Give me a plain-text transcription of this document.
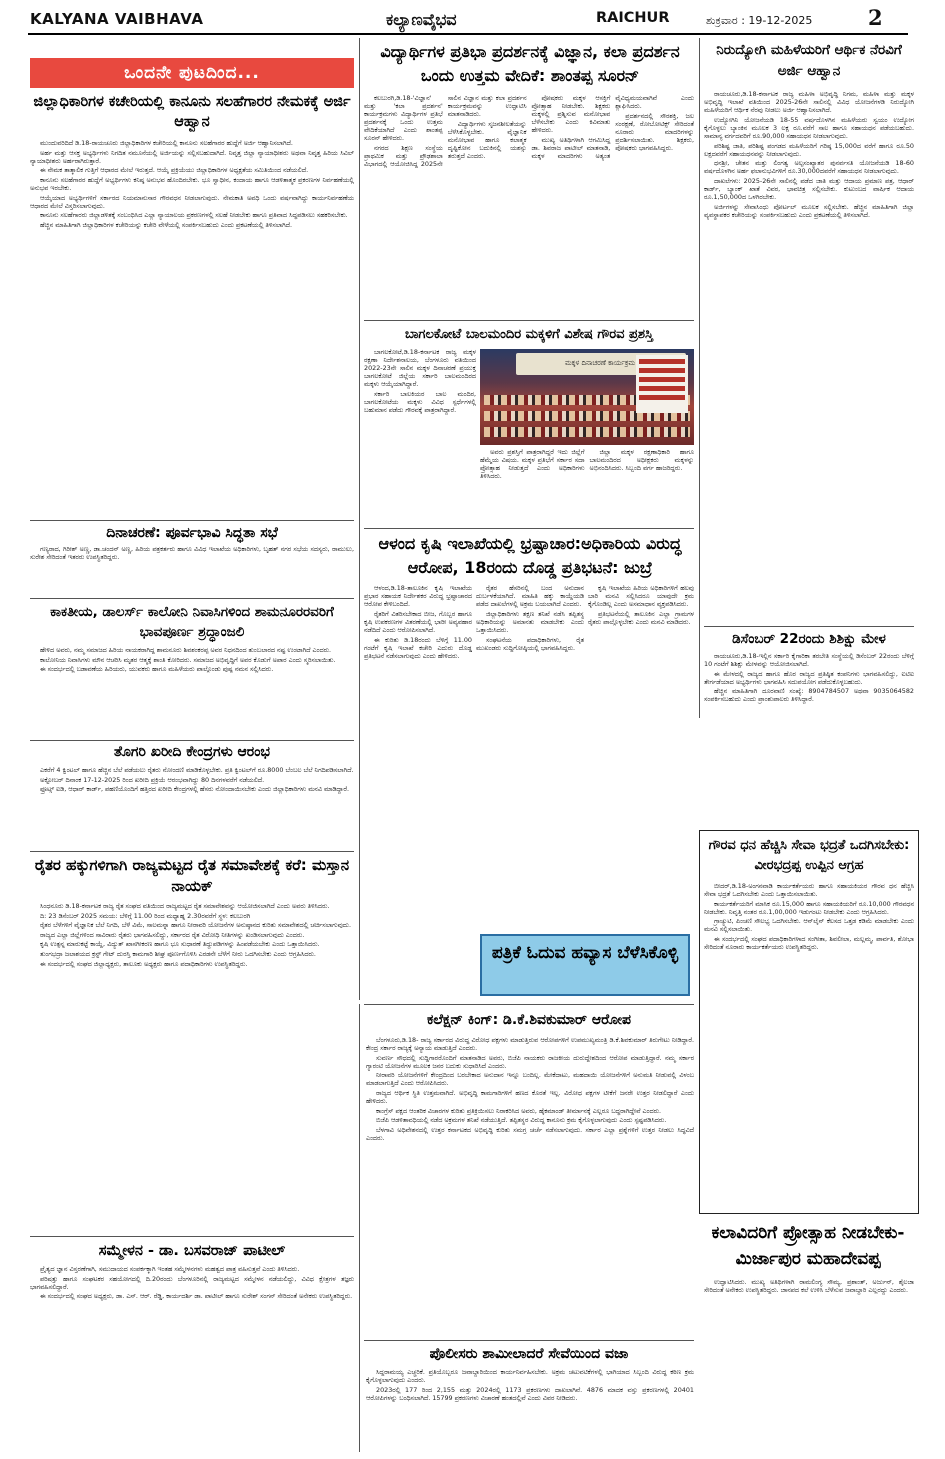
KALYANA VAIBHAVA	ಕಲ್ಯಾಣವೈಭವ	RAICHUR	ಶುಕ್ರವಾರ : 19-12-2025	2
ಒಂದನೇ ಪುಟದಿಂದ...
ಜಿಲ್ಲಾಧಿಕಾರಿಗಳ ಕಚೇರಿಯಲ್ಲಿ ಕಾನೂನು ಸಲಹೆಗಾರರ ನೇಮಕಕ್ಕೆ ಅರ್ಜಿ ಆಹ್ವಾನ

ಮುಂದುವರಿದಿದೆ ಡಿ.18-ರಾಯಚೂರು ಜಿಲ್ಲಾಧಿಕಾರಿಗಳ ಕಚೇರಿಯಲ್ಲಿ ಕಾನೂನು ಸಲಹೆಗಾರರ ಹುದ್ದೆಗೆ ಅರ್ಜಿ ಆಹ್ವಾನಿಸಲಾಗಿದೆ.

ಅರ್ಹ ಮತ್ತು ಆಸಕ್ತ ಅಭ್ಯರ್ಥಿಗಳು ನಿಗದಿತ ನಮೂನೆಯಲ್ಲಿ ಅರ್ಜಿಯನ್ನು ಸಲ್ಲಿಸಬಹುದಾಗಿದೆ. ನಿವೃತ್ತ ಜಿಲ್ಲಾ ನ್ಯಾಯಾಧೀಶರು ಅಥವಾ ನಿವೃತ್ತ ಹಿರಿಯ ಸಿವಿಲ್ ನ್ಯಾಯಾಧೀಶರು ಅರ್ಹರಾಗಿರುತ್ತಾರೆ.

ಈ ನೇಮಕ ತಾತ್ಕಾಲಿಕ ಗುತ್ತಿಗೆ ಆಧಾರದ ಮೇಲೆ ಇರುತ್ತದೆ. ಆಯ್ಕೆ ಪ್ರಕ್ರಿಯೆಯು ಜಿಲ್ಲಾಧಿಕಾರಿಗಳ ಅಧ್ಯಕ್ಷತೆಯ ಸಮಿತಿಯಿಂದ ನಡೆಯಲಿದೆ.

ಕಾನೂನು ಸಲಹೆಗಾರರ ಹುದ್ದೆಗೆ ಅಭ್ಯರ್ಥಿಗಳು ಕನಿಷ್ಠ ಅನುಭವ ಹೊಂದಿರಬೇಕು. ಭೂ ಸ್ವಾಧೀನ, ಕಂದಾಯ ಹಾಗೂ ಆಡಳಿತಾತ್ಮಕ ಪ್ರಕರಣಗಳ ನಿರ್ವಹಣೆಯಲ್ಲಿ ಅನುಭವ ಇರಬೇಕು.

ಆಯ್ಕೆಯಾದ ಅಭ್ಯರ್ಥಿಗಳಿಗೆ ಸರ್ಕಾರದ ನಿಯಮಾನುಸಾರ ಗೌರವಧನ ನೀಡಲಾಗುವುದು. ನೇಮಕಾತಿ ಅವಧಿ ಒಂದು ವರ್ಷವಾಗಿದ್ದು ಕಾರ್ಯನಿರ್ವಹಣೆಯ ಆಧಾರದ ಮೇಲೆ ವಿಸ್ತರಿಸಲಾಗುವುದು.

ಕಾನೂನು ಸಲಹೆಗಾರರು ಜಿಲ್ಲಾಡಳಿತಕ್ಕೆ ಸಂಬಂಧಿಸಿದ ಎಲ್ಲಾ ನ್ಯಾಯಾಲಯ ಪ್ರಕರಣಗಳಲ್ಲಿ ಸಲಹೆ ನೀಡಬೇಕು ಹಾಗೂ ಪ್ರತಿವಾದ ಸಿದ್ಧಪಡಿಸಲು ಸಹಕರಿಸಬೇಕು.

ಹೆಚ್ಚಿನ ಮಾಹಿತಿಗಾಗಿ ಜಿಲ್ಲಾಧಿಕಾರಿಗಳ ಕಚೇರಿಯನ್ನು ಕಚೇರಿ ವೇಳೆಯಲ್ಲಿ ಸಂಪರ್ಕಿಸಬಹುದು ಎಂದು ಪ್ರಕಟಣೆಯಲ್ಲಿ ತಿಳಿಸಲಾಗಿದೆ.

ದಿನಾಚರಣೆ: ಪೂರ್ವಭಾವಿ ಸಿದ್ಧತಾ ಸಭೆ

ಗಣ್ಯರಾದ, ಗಿರೀಶ್ ಅಣ್ಣ, ಡಾ.ಚಂದನ್ ಅಣ್ಣ, ಹಿರಿಯ ಪತ್ರಕರ್ತರು ಹಾಗೂ ವಿವಿಧ ಇಲಾಖೆಯ ಅಧಿಕಾರಿಗಳು, ಬೃಹತ್ ನಗರ ಸಭೆಯ ಸದಸ್ಯರು, ರಾಮುಲು, ಸುರೇಶ ಸೇರಿದಂತೆ ಇತರರು ಉಪಸ್ಥಿತರಿದ್ದರು.

ಕಾಕತೀಯ, ಡಾಲರ್ಸ್ ಕಾಲೋನಿ ನಿವಾಸಿಗಳಿಂದ ಶಾಮನೂರರವರಿಗೆ ಭಾವಪೂರ್ಣ ಶ್ರದ್ಧಾಂಜಲಿ

ಹೇಳಿದ ಅವರು, ನಮ್ಮ ಸಮಾಜದ ಹಿರಿಯ ನಾಯಕರಾಗಿದ್ದ ಶಾಮನೂರು ಶಿವಶಂಕರಪ್ಪ ಅವರ ನಿಧನದಿಂದ ತುಂಬಲಾರದ ನಷ್ಟ ಉಂಟಾಗಿದೆ ಎಂದರು.

ಕಾಲೋನಿಯ ನಿವಾಸಿಗಳು ಮೌನ ಆಚರಿಸಿ ಮೃತರ ಆತ್ಮಕ್ಕೆ ಶಾಂತಿ ಕೋರಿದರು. ಸಮಾಜದ ಅಭಿವೃದ್ಧಿಗೆ ಅವರ ಕೊಡುಗೆ ಅಪಾರ ಎಂದು ಸ್ಮರಿಸಲಾಯಿತು.

ಈ ಸಂದರ್ಭದಲ್ಲಿ ಬಡಾವಣೆಯ ಹಿರಿಯರು, ಯುವಕರು ಹಾಗೂ ಮಹಿಳೆಯರು ಪಾಲ್ಗೊಂಡು ಪುಷ್ಪ ನಮನ ಸಲ್ಲಿಸಿದರು.

ತೊಗರಿ ಖರೀದಿ ಕೇಂದ್ರಗಳು ಆರಂಭ

ಎಕರೆಗೆ 4 ಕ್ವಿಂಟಲ್ ಹಾಗೂ ಹೆಚ್ಚಿನ ಬೆಲೆ ಪಡೆಯಲು ರೈತರು ನೋಂದಣಿ ಮಾಡಿಕೊಳ್ಳಬೇಕು. ಪ್ರತಿ ಕ್ವಿಂಟಲ್‌ಗೆ ರೂ.8000 ಬೆಂಬಲ ಬೆಲೆ ನಿಗದಿಪಡಿಸಲಾಗಿದೆ.

ಅಕ್ಟೋಬರ್ ದಿನಾಂಕ 17-12-2025 ರಿಂದ ಖರೀದಿ ಪ್ರಕ್ರಿಯೆ ಆರಂಭವಾಗಿದ್ದು 80 ದಿನಗಳವರೆಗೆ ನಡೆಯಲಿದೆ.

ಫ್ರೂಟ್ಸ್ ಐಡಿ, ಆಧಾರ್ ಕಾರ್ಡ್, ಪಹಣಿಯೊಂದಿಗೆ ಹತ್ತಿರದ ಖರೀದಿ ಕೇಂದ್ರಗಳಲ್ಲಿ ಹೆಸರು ನೋಂದಾಯಿಸಬೇಕು ಎಂದು ಜಿಲ್ಲಾಧಿಕಾರಿಗಳು ಮನವಿ ಮಾಡಿದ್ದಾರೆ.

ರೈತರ ಹಕ್ಕುಗಳಿಗಾಗಿ ರಾಜ್ಯಮಟ್ಟದ ರೈತ ಸಮಾವೇಶಕ್ಕೆ ಕರೆ: ಮಸ್ತಾನ ನಾಯಕ್

ಸಿಂಧನೂರು ಡಿ.18-ಕರ್ನಾಟಕ ರಾಜ್ಯ ರೈತ ಸಂಘದ ವತಿಯಿಂದ ರಾಜ್ಯಮಟ್ಟದ ರೈತ ಸಮಾವೇಶವನ್ನು ಆಯೋಜಿಸಲಾಗಿದೆ ಎಂದು ಅವರು ತಿಳಿಸಿದರು.

ದಿ: 23 ಡಿಸೆಂಬರ್ 2025 ಸಮಯ: ಬೆಳಿಗ್ಗೆ 11.00 ರಿಂದ ಮಧ್ಯಾಹ್ನ 2.30ರವರೆಗೆ ಸ್ಥಳ: ಕಲಬುರಗಿ

ರೈತರ ಬೆಳೆಗಳಿಗೆ ವೈಜ್ಞಾನಿಕ ಬೆಲೆ ನಿಗದಿ, ಬೆಳೆ ವಿಮೆ, ಸಾಲಮನ್ನಾ ಹಾಗೂ ನೀರಾವರಿ ಯೋಜನೆಗಳ ಅನುಷ್ಠಾನದ ಕುರಿತು ಸಮಾವೇಶದಲ್ಲಿ ಚರ್ಚಿಸಲಾಗುವುದು.

ರಾಜ್ಯದ ಎಲ್ಲಾ ಜಿಲ್ಲೆಗಳಿಂದ ಸಾವಿರಾರು ರೈತರು ಭಾಗವಹಿಸಲಿದ್ದು, ಸರ್ಕಾರದ ರೈತ ವಿರೋಧಿ ನೀತಿಗಳನ್ನು ಖಂಡಿಸಲಾಗುವುದು ಎಂದರು.

ಕೃಷಿ ಉತ್ಪನ್ನ ಮಾರುಕಟ್ಟೆ ಕಾಯ್ದೆ, ವಿದ್ಯುತ್ ಖಾಸಗೀಕರಣ ಹಾಗೂ ಭೂ ಸುಧಾರಣೆ ತಿದ್ದುಪಡಿಗಳನ್ನು ಹಿಂಪಡೆಯಬೇಕು ಎಂದು ಒತ್ತಾಯಿಸಿದರು.

ತುಂಗಭದ್ರಾ ಜಲಾಶಯದ ಕ್ರಸ್ಟ್ ಗೇಟ್ ದುರಸ್ತಿ ಕಾಮಗಾರಿ ಶೀಘ್ರ ಪೂರ್ಣಗೊಳಿಸಿ ಎರಡನೇ ಬೆಳೆಗೆ ನೀರು ಒದಗಿಸಬೇಕು ಎಂದು ಆಗ್ರಹಿಸಿದರು.

ಈ ಸಂದರ್ಭದಲ್ಲಿ ಸಂಘದ ಜಿಲ್ಲಾಧ್ಯಕ್ಷರು, ತಾಲೂಕು ಅಧ್ಯಕ್ಷರು ಹಾಗೂ ಪದಾಧಿಕಾರಿಗಳು ಉಪಸ್ಥಿತರಿದ್ದರು.

ಸಮ್ಮೇಳನ - ಡಾ. ಬಸವರಾಜ್ ಪಾಟೀಲ್

ಪ್ರೈತ್ಯದ ಜ್ಞಾನ ವಿಸ್ತರಣೆಗಾಗಿ, ಸಮುದಾಯದ ಸಂಪರ್ಕಕ್ಕಾಗಿ ಇಂತಹ ಸಮ್ಮೇಳನಗಳು ಮಹತ್ವದ ಪಾತ್ರ ವಹಿಸುತ್ತವೆ ಎಂದು ತಿಳಿಸಿದರು.

ಪರಿಷತ್ತು ಹಾಗೂ ಸಂಘಟಕರ ಸಹಯೋಗದಲ್ಲಿ ದಿ.20ರಂದು ಬೆಂಗಳೂರಿನಲ್ಲಿ ರಾಜ್ಯಮಟ್ಟದ ಸಮ್ಮೇಳನ ನಡೆಯಲಿದ್ದು, ವಿವಿಧ ಕ್ಷೇತ್ರಗಳ ತಜ್ಞರು ಭಾಗವಹಿಸಲಿದ್ದಾರೆ.

ಈ ಸಂದರ್ಭದಲ್ಲಿ ಸಂಘದ ಅಧ್ಯಕ್ಷರು, ಡಾ. ಎಸ್. ಆರ್. ರೆಡ್ಡಿ, ಕಾರ್ಯದರ್ಶಿ ಡಾ. ಪಾಟೀಲ್ ಹಾಗೂ ಸುರೇಶ್ ಸಂಗನ್ ಸೇರಿದಂತೆ ಅನೇಕರು ಉಪಸ್ಥಿತರಿದ್ದರು.

ವಿದ್ಯಾರ್ಥಿಗಳ ಪ್ರತಿಭಾ ಪ್ರದರ್ಶನಕ್ಕೆ ವಿಜ್ಞಾನ, ಕಲಾ ಪ್ರದರ್ಶನ ಒಂದು ಉತ್ತಮ ವೇದಿಕೆ: ಶಾಂತಪ್ಪ ಸೂರನ್

ಕಲಬುರಗಿ,ಡಿ.18-'ವಿಜ್ಞಾನ' ಮತ್ತು 'ಕಲಾ ಪ್ರದರ್ಶನ' ಕಾರ್ಯಕ್ರಮಗಳು ವಿದ್ಯಾರ್ಥಿಗಳ ಪ್ರತಿಭೆ ಪ್ರದರ್ಶನಕ್ಕೆ ಒಂದು ಉತ್ತಮ ವೇದಿಕೆಯಾಗಿದೆ ಎಂದು ಶಾಂತಪ್ಪ ಸೂರನ್ ಹೇಳಿದರು.

ನಗರದ ಶಿಕ್ಷಣ ಸಂಸ್ಥೆಯ ಪ್ರಾಥಮಿಕ ಮತ್ತು ಪ್ರೌಢಶಾಲಾ ವಿಭಾಗದಲ್ಲಿ ಆಯೋಜಿಸಿದ್ದ 2025ನೇ ಸಾಲಿನ ವಿಜ್ಞಾನ ಮತ್ತು ಕಲಾ ಪ್ರದರ್ಶನ ಕಾರ್ಯಕ್ರಮವನ್ನು ಉದ್ಘಾಟಿಸಿ ಮಾತನಾಡಿದರು.

ವಿದ್ಯಾರ್ಥಿಗಳು ಸೃಜನಶೀಲತೆಯನ್ನು ಬೆಳೆಸಿಕೊಳ್ಳಬೇಕು. ವೈಜ್ಞಾನಿಕ ಮನೋಭಾವ ಹಾಗೂ ಕಲಾತ್ಮಕ ದೃಷ್ಟಿಕೋನ ಬದುಕಿನಲ್ಲಿ ಯಶಸ್ಸು ತರುತ್ತದೆ ಎಂದರು.

ಪೋಷಕರು ಮಕ್ಕಳ ಆಸಕ್ತಿಗೆ ಪ್ರೋತ್ಸಾಹ ನೀಡಬೇಕು. ಶಿಕ್ಷಕರು ಮಕ್ಕಳಲ್ಲಿ ಪ್ರಶ್ನಿಸುವ ಮನೋಭಾವ ಬೆಳೆಸಬೇಕು ಎಂದು ಕಿವಿಮಾತು ಹೇಳಿದರು.

ಮುಖ್ಯ ಅತಿಥಿಗಳಾಗಿ ಆಗಮಿಸಿದ್ದ ಡಾ. ಶಿವರಾಜ ಪಾಟೀಲ್ ಮಾತನಾಡಿ, ಮಕ್ಕಳ ಮಾದರಿಗಳು ಅತ್ಯಂತ ವೈವಿಧ್ಯಮಯವಾಗಿವೆ ಎಂದು ಶ್ಲಾಘಿಸಿದರು.

ಪ್ರದರ್ಶನದಲ್ಲಿ ಸೌರಶಕ್ತಿ, ಜಲ ಸಂರಕ್ಷಣೆ, ರೋಬೋಟಿಕ್ಸ್ ಸೇರಿದಂತೆ ನೂರಾರು ಮಾದರಿಗಳನ್ನು ಪ್ರದರ್ಶಿಸಲಾಯಿತು. ಶಿಕ್ಷಕರು, ಪೋಷಕರು ಭಾಗವಹಿಸಿದ್ದರು.

ಬಾಗಲಕೋಟೆ ಬಾಲಮಂದಿರ ಮಕ್ಕಳಿಗೆ ವಿಶೇಷ ಗೌರವ ಪ್ರಶಸ್ತಿ

ಬಾಗಲಕೋಟೆ,ಡಿ.18-ಕರ್ನಾಟಕ ರಾಜ್ಯ ಮಕ್ಕಳ ರಕ್ಷಣಾ ನಿರ್ದೇಶನಾಲಯ, ಬೆಂಗಳೂರು ವತಿಯಿಂದ 2022-23ನೇ ಸಾಲಿನ ಮಕ್ಕಳ ದಿನಾಚರಣೆ ಪ್ರಯುಕ್ತ ಬಾಗಲಕೋಟೆ ಜಿಲ್ಲೆಯ ಸರ್ಕಾರಿ ಬಾಲಮಂದಿರದ ಮಕ್ಕಳು ಆಯ್ಕೆಯಾಗಿದ್ದಾರೆ.

ಸರ್ಕಾರಿ ಬಾಲಕಿಯರ ಬಾಲ ಮಂದಿರ, ಬಾಗಲಕೋಟೆಯ ಮಕ್ಕಳು ವಿವಿಧ ಸ್ಪರ್ಧೆಗಳಲ್ಲಿ ಬಹುಮಾನ ಪಡೆದು ಗೌರವಕ್ಕೆ ಪಾತ್ರರಾಗಿದ್ದಾರೆ.

ಮಕ್ಕಳ ದಿನಾಚರಣೆ ಕಾರ್ಯಕ್ರಮ

ಅವರು ಪ್ರಶಸ್ತಿಗೆ ಪಾತ್ರರಾಗಿದ್ದರೆ ಇದು ಜಿಲ್ಲೆಗೆ ಹೆಮ್ಮೆಯ ವಿಷಯ. ಮಕ್ಕಳ ಪ್ರತಿಭೆಗೆ ಸರ್ಕಾರ ಸದಾ ಪ್ರೋತ್ಸಾಹ ನೀಡುತ್ತದೆ ಎಂದು ಅಧಿಕಾರಿಗಳು ತಿಳಿಸಿದರು.

ಜಿಲ್ಲಾ ಮಕ್ಕಳ ರಕ್ಷಣಾಧಿಕಾರಿ ಹಾಗೂ ಬಾಲಮಂದಿರದ ಅಧೀಕ್ಷಕರು ಮಕ್ಕಳನ್ನು ಅಭಿನಂದಿಸಿದರು. ಸಿಬ್ಬಂದಿ ವರ್ಗ ಹಾಜರಿದ್ದರು.

ಆಳಂದ ಕೃಷಿ ಇಲಾಖೆಯಲ್ಲಿ ಭ್ರಷ್ಟಾಚಾರ:ಅಧಿಕಾರಿಯ ವಿರುದ್ಧ ಆರೋಪ, 18ರಂದು ದೊಡ್ಡ ಪ್ರತಿಭಟನೆ: ಜುಬ್ರೆ

ಆಳಂದ,ಡಿ.18-ತಾಲೂಕಿನ ಕೃಷಿ ಇಲಾಖೆಯ ಪ್ರಭಾರ ಸಹಾಯಕ ನಿರ್ದೇಶಕರ ವಿರುದ್ಧ ಭ್ರಷ್ಟಾಚಾರದ ಆರೋಪ ಕೇಳಿಬಂದಿದೆ.

ರೈತರಿಗೆ ವಿತರಿಸಬೇಕಾದ ಬೀಜ, ಗೊಬ್ಬರ ಹಾಗೂ ಕೃಷಿ ಉಪಕರಣಗಳ ವಿತರಣೆಯಲ್ಲಿ ಭಾರೀ ಅವ್ಯವಹಾರ ನಡೆದಿದೆ ಎಂದು ಆರೋಪಿಸಲಾಗಿದೆ.

ಈ ಕುರಿತು ಡಿ.18ರಂದು ಬೆಳಿಗ್ಗೆ 11.00 ಗಂಟೆಗೆ ಕೃಷಿ ಇಲಾಖೆ ಕಚೇರಿ ಎದುರು ದೊಡ್ಡ ಪ್ರತಿಭಟನೆ ನಡೆಸಲಾಗುವುದು ಎಂದು ಹೇಳಿದರು.

ರೈತರ ಹೆಸರಿನಲ್ಲಿ ಬಂದ ಅನುದಾನ ದುರ್ಬಳಕೆಯಾಗಿದೆ. ಮಾಹಿತಿ ಹಕ್ಕು ಕಾಯ್ದೆಯಡಿ ಪಡೆದ ದಾಖಲೆಗಳಲ್ಲಿ ಅಕ್ರಮ ಬಯಲಾಗಿದೆ ಎಂದರು.

ಜಿಲ್ಲಾಧಿಕಾರಿಗಳು ತಕ್ಷಣ ತನಿಖೆ ನಡೆಸಿ ತಪ್ಪಿತಸ್ಥ ಅಧಿಕಾರಿಯನ್ನು ಅಮಾನತು ಮಾಡಬೇಕು ಎಂದು ಒತ್ತಾಯಿಸಿದರು.

ಸಂಘಟನೆಯ ಪದಾಧಿಕಾರಿಗಳು, ರೈತ ಮುಖಂಡರು ಸುದ್ದಿಗೋಷ್ಠಿಯಲ್ಲಿ ಭಾಗವಹಿಸಿದ್ದರು.

ಕೃಷಿ ಇಲಾಖೆಯ ಹಿರಿಯ ಅಧಿಕಾರಿಗಳಿಗೆ ಹಲವು ಬಾರಿ ಮನವಿ ಸಲ್ಲಿಸಿದರೂ ಯಾವುದೇ ಕ್ರಮ ಕೈಗೊಂಡಿಲ್ಲ ಎಂದು ಅಸಮಾಧಾನ ವ್ಯಕ್ತಪಡಿಸಿದರು.

ಪ್ರತಿಭಟನೆಯಲ್ಲಿ ತಾಲೂಕಿನ ಎಲ್ಲಾ ಗ್ರಾಮಗಳ ರೈತರು ಪಾಲ್ಗೊಳ್ಳಬೇಕು ಎಂದು ಮನವಿ ಮಾಡಿದರು.

ಪತ್ರಿಕೆ ಓದುವ ಹವ್ಯಾಸ ಬೆಳೆಸಿಕೊಳ್ಳಿ
ಕಲೆಕ್ಷನ್ ಕಿಂಗ್: ಡಿ.ಕೆ.ಶಿವಕುಮಾರ್ ಆರೋಪ

ಬೆಂಗಳೂರು,ಡಿ.18- ರಾಜ್ಯ ಸರ್ಕಾರದ ವಿರುದ್ಧ ವಿರೋಧ ಪಕ್ಷಗಳು ಮಾಡುತ್ತಿರುವ ಆರೋಪಗಳಿಗೆ ಉಪಮುಖ್ಯಮಂತ್ರಿ ಡಿ.ಕೆ.ಶಿವಕುಮಾರ್ ತಿರುಗೇಟು ನೀಡಿದ್ದಾರೆ. ಕೇಂದ್ರ ಸರ್ಕಾರ ರಾಜ್ಯಕ್ಕೆ ಅನ್ಯಾಯ ಮಾಡುತ್ತಿದೆ ಎಂದರು.

ಸುವರ್ಣ ಸೌಧದಲ್ಲಿ ಸುದ್ದಿಗಾರರೊಂದಿಗೆ ಮಾತನಾಡಿದ ಅವರು, ಬಿಜೆಪಿ ನಾಯಕರು ರಾಜಕೀಯ ದುರುದ್ದೇಶದಿಂದ ಆರೋಪ ಮಾಡುತ್ತಿದ್ದಾರೆ. ನಮ್ಮ ಸರ್ಕಾರ ಗ್ಯಾರಂಟಿ ಯೋಜನೆಗಳ ಮೂಲಕ ಜನರ ಬದುಕು ಸುಧಾರಿಸಿದೆ ಎಂದರು.

ನೀರಾವರಿ ಯೋಜನೆಗಳಿಗೆ ಕೇಂದ್ರದಿಂದ ಬರಬೇಕಾದ ಅನುದಾನ ಇನ್ನೂ ಬಂದಿಲ್ಲ. ಮೇಕೆದಾಟು, ಮಹದಾಯಿ ಯೋಜನೆಗಳಿಗೆ ಅನುಮತಿ ನೀಡುವಲ್ಲಿ ವಿಳಂಬ ಮಾಡಲಾಗುತ್ತಿದೆ ಎಂದು ಆರೋಪಿಸಿದರು.

ರಾಜ್ಯದ ಆರ್ಥಿಕ ಸ್ಥಿತಿ ಉತ್ತಮವಾಗಿದೆ. ಅಭಿವೃದ್ಧಿ ಕಾಮಗಾರಿಗಳಿಗೆ ಹಣದ ಕೊರತೆ ಇಲ್ಲ. ವಿರೋಧ ಪಕ್ಷಗಳ ಟೀಕೆಗೆ ಜನರೇ ಉತ್ತರ ನೀಡಲಿದ್ದಾರೆ ಎಂದು ಹೇಳಿದರು.

ಕಾಂಗ್ರೆಸ್ ಪಕ್ಷದ ಆಂತರಿಕ ವಿಚಾರಗಳ ಕುರಿತು ಪ್ರತಿಕ್ರಿಯಿಸಲು ನಿರಾಕರಿಸಿದ ಅವರು, ಹೈಕಮಾಂಡ್ ತೀರ್ಮಾನಕ್ಕೆ ಎಲ್ಲರೂ ಬದ್ಧರಾಗಿದ್ದೇವೆ ಎಂದರು.

ಬಿಜೆಪಿ ಆಡಳಿತಾವಧಿಯಲ್ಲಿ ನಡೆದ ಅಕ್ರಮಗಳ ತನಿಖೆ ನಡೆಯುತ್ತಿದೆ. ತಪ್ಪಿತಸ್ಥರ ವಿರುದ್ಧ ಕಾನೂನು ಕ್ರಮ ಕೈಗೊಳ್ಳಲಾಗುವುದು ಎಂದು ಸ್ಪಷ್ಟಪಡಿಸಿದರು.

ಬೆಳಗಾವಿ ಅಧಿವೇಶನದಲ್ಲಿ ಉತ್ತರ ಕರ್ನಾಟಕದ ಅಭಿವೃದ್ಧಿ ಕುರಿತು ಸಮಗ್ರ ಚರ್ಚೆ ನಡೆಸಲಾಗುವುದು. ಸರ್ಕಾರ ಎಲ್ಲಾ ಪ್ರಶ್ನೆಗಳಿಗೆ ಉತ್ತರ ನೀಡಲು ಸಿದ್ಧವಿದೆ ಎಂದರು.

ಪೊಲೀಸರು ಶಾಮೀಲಾದರೆ ಸೇವೆಯಿಂದ ವಜಾ

ಸಿದ್ದರಾಮಯ್ಯ ಎಚ್ಚರಿಕೆ. ಪ್ರತಿಯೊಬ್ಬರೂ ಜವಾಬ್ದಾರಿಯಿಂದ ಕಾರ್ಯನಿರ್ವಹಿಸಬೇಕು. ಅಕ್ರಮ ಚಟುವಟಿಕೆಗಳಲ್ಲಿ ಭಾಗಿಯಾದ ಸಿಬ್ಬಂದಿ ವಿರುದ್ಧ ಕಠಿಣ ಕ್ರಮ ಕೈಗೊಳ್ಳಲಾಗುವುದು ಎಂದರು.

2023ರಲ್ಲಿ 177 ರಿಂದ 2,155 ಮತ್ತು 2024ರಲ್ಲಿ 1173 ಪ್ರಕರಣಗಳು ದಾಖಲಾಗಿವೆ. 4876 ಮಾದಕ ವಸ್ತು ಪ್ರಕರಣಗಳಲ್ಲಿ 20401 ಆರೋಪಿಗಳನ್ನು ಬಂಧಿಸಲಾಗಿದೆ. 15799 ಪ್ರಕರಣಗಳು ವಿಚಾರಣೆ ಹಂತದಲ್ಲಿವೆ ಎಂದು ವಿವರ ನೀಡಿದರು.

ನಿರುದ್ಯೋಗಿ ಮಹಿಳೆಯರಿಗೆ ಆರ್ಥಿಕ ನೆರವಿಗೆ ಅರ್ಜಿ ಆಹ್ವಾನ

ರಾಯಚೂರು,ಡಿ.18-ಕರ್ನಾಟಕ ರಾಜ್ಯ ಮಹಿಳಾ ಅಭಿವೃದ್ಧಿ ನಿಗಮ, ಮಹಿಳಾ ಮತ್ತು ಮಕ್ಕಳ ಅಭಿವೃದ್ಧಿ ಇಲಾಖೆ ವತಿಯಿಂದ 2025-26ನೇ ಸಾಲಿನಲ್ಲಿ ವಿವಿಧ ಯೋಜನೆಗಳಡಿ ನಿರುದ್ಯೋಗಿ ಮಹಿಳೆಯರಿಗೆ ಆರ್ಥಿಕ ನೆರವು ನೀಡಲು ಅರ್ಜಿ ಆಹ್ವಾನಿಸಲಾಗಿದೆ.

ಉದ್ಯೋಗಿನಿ ಯೋಜನೆಯಡಿ 18-55 ವರ್ಷದೊಳಗಿನ ಮಹಿಳೆಯರು ಸ್ವಯಂ ಉದ್ಯೋಗ ಕೈಗೊಳ್ಳಲು ಬ್ಯಾಂಕಿನ ಮೂಲಕ 3 ಲಕ್ಷ ರೂ.ವರೆಗೆ ಸಾಲ ಹಾಗೂ ಸಹಾಯಧನ ಪಡೆಯಬಹುದು. ಸಾಮಾನ್ಯ ವರ್ಗದವರಿಗೆ ರೂ.90,000 ಸಹಾಯಧನ ನೀಡಲಾಗುವುದು.

ಪರಿಶಿಷ್ಟ ಜಾತಿ, ಪರಿಶಿಷ್ಟ ಪಂಗಡದ ಮಹಿಳೆಯರಿಗೆ ಗರಿಷ್ಠ 15,000ದ ವರೆಗೆ ಹಾಗೂ ರೂ.50 ಲಕ್ಷದವರೆಗೆ ಸಹಾಯಧನವನ್ನು ನೀಡಲಾಗುವುದು.

ಧನಶ್ರೀ, ಚೇತನ ಮತ್ತು ಲಿಂಗತ್ವ ಅಲ್ಪಸಂಖ್ಯಾತರ ಪುನರ್ವಸತಿ ಯೋಜನೆಯಡಿ 18-60 ವರ್ಷದೊಳಗಿನ ಅರ್ಹ ಫಲಾನುಭವಿಗಳಿಗೆ ರೂ.30,000ದವರೆಗೆ ಸಹಾಯಧನ ನೀಡಲಾಗುವುದು.

ದಾಖಲೆಗಳು: 2025-26ನೇ ಸಾಲಿನಲ್ಲಿ ಪಡೆದ ಜಾತಿ ಮತ್ತು ಆದಾಯ ಪ್ರಮಾಣ ಪತ್ರ, ಆಧಾರ್ ಕಾರ್ಡ್, ಬ್ಯಾಂಕ್ ಖಾತೆ ವಿವರ, ಭಾವಚಿತ್ರ ಸಲ್ಲಿಸಬೇಕು. ಕುಟುಂಬದ ವಾರ್ಷಿಕ ಆದಾಯ ರೂ.1,50,000ದ ಒಳಗಿರಬೇಕು.

ಅರ್ಜಿಗಳನ್ನು ಸೇವಾಸಿಂಧು ಪೋರ್ಟಲ್ ಮೂಲಕ ಸಲ್ಲಿಸಬೇಕು. ಹೆಚ್ಚಿನ ಮಾಹಿತಿಗಾಗಿ ಜಿಲ್ಲಾ ವ್ಯವಸ್ಥಾಪಕರ ಕಚೇರಿಯನ್ನು ಸಂಪರ್ಕಿಸಬಹುದು ಎಂದು ಪ್ರಕಟಣೆಯಲ್ಲಿ ತಿಳಿಸಲಾಗಿದೆ.

ಡಿಸೆಂಬರ್ 22ರಂದು ಶಿಶಿಕ್ಷು ಮೇಳ

ರಾಯಚೂರು,ಡಿ.18-ಇಲ್ಲಿನ ಸರ್ಕಾರಿ ಕೈಗಾರಿಕಾ ತರಬೇತಿ ಸಂಸ್ಥೆಯಲ್ಲಿ ಡಿಸೆಂಬರ್ 22ರಂದು ಬೆಳಿಗ್ಗೆ 10 ಗಂಟೆಗೆ ಶಿಶಿಕ್ಷು ಮೇಳವನ್ನು ಆಯೋಜಿಸಲಾಗಿದೆ.

ಈ ಮೇಳದಲ್ಲಿ ರಾಜ್ಯದ ಹಾಗೂ ಹೊರ ರಾಜ್ಯದ ಪ್ರತಿಷ್ಠಿತ ಕಂಪನಿಗಳು ಭಾಗವಹಿಸಲಿದ್ದು, ಐಟಿಐ ತೇರ್ಗಡೆಯಾದ ಅಭ್ಯರ್ಥಿಗಳು ಭಾಗವಹಿಸಿ ಸದುಪಯೋಗ ಪಡೆದುಕೊಳ್ಳಬಹುದು.

ಹೆಚ್ಚಿನ ಮಾಹಿತಿಗಾಗಿ ದೂರವಾಣಿ ಸಂಖ್ಯೆ: 8904784507 ಅಥವಾ 9035064582 ಸಂಪರ್ಕಿಸಬಹುದು ಎಂದು ಪ್ರಾಂಶುಪಾಲರು ತಿಳಿಸಿದ್ದಾರೆ.

ಗೌರವ ಧನ ಹೆಚ್ಚಿಸಿ ಸೇವಾ ಭದ್ರತೆ ಒದಗಿಸಬೇಕು: ವೀರಭದ್ರಪ್ಪ ಉಪ್ಪಿನ ಆಗ್ರಹ

ಬೀದರ್,ಡಿ.18-ಅಂಗನವಾಡಿ ಕಾರ್ಯಕರ್ತೆಯರು ಹಾಗೂ ಸಹಾಯಕಿಯರ ಗೌರವ ಧನ ಹೆಚ್ಚಿಸಿ ಸೇವಾ ಭದ್ರತೆ ಒದಗಿಸಬೇಕು ಎಂದು ಒತ್ತಾಯಿಸಲಾಯಿತು.

ಕಾರ್ಯಕರ್ತೆಯರಿಗೆ ಮಾಸಿಕ ರೂ.15,000 ಹಾಗೂ ಸಹಾಯಕಿಯರಿಗೆ ರೂ.10,000 ಗೌರವಧನ ನೀಡಬೇಕು. ನಿವೃತ್ತಿ ನಂತರ ರೂ.1,00,000 ಇಡುಗಂಟು ನೀಡಬೇಕು ಎಂದು ಆಗ್ರಹಿಸಿದರು.

ಗ್ರಾಚ್ಯುಟಿ, ಪಿಂಚಣಿ ಸೌಲಭ್ಯ ಒದಗಿಸಬೇಕು. ಆನ್‌ಲೈನ್ ಕೆಲಸದ ಒತ್ತಡ ಕಡಿಮೆ ಮಾಡಬೇಕು ಎಂದು ಮನವಿ ಸಲ್ಲಿಸಲಾಯಿತು.

ಈ ಸಂದರ್ಭದಲ್ಲಿ ಸಂಘದ ಪದಾಧಿಕಾರಿಗಳಾದ ಸಂಗೀತಾ, ಶಿವಲೀಲಾ, ಮಲ್ಲಮ್ಮ, ಪಾರ್ವತಿ, ಶೋಭಾ ಸೇರಿದಂತೆ ನೂರಾರು ಕಾರ್ಯಕರ್ತೆಯರು ಉಪಸ್ಥಿತರಿದ್ದರು.

ಕಲಾವಿದರಿಗೆ ಪ್ರೋತ್ಸಾಹ ನೀಡಬೇಕು- ಮಿರ್ಜಾಪುರ ಮಹಾದೇವಪ್ಪ

ಉದ್ಘಾಟಿಸಿದರು. ಮುಖ್ಯ ಅತಿಥಿಗಳಾಗಿ ರಾಮಲಿಂಗ್ಯ ಸೌಮ್ಯ, ಪ್ರಶಾಂತ್, ಅರ್ಜುನ್, ಶೈಲಜಾ ಸೇರಿದಂತೆ ಅನೇಕರು ಉಪಸ್ಥಿತರಿದ್ದರು. ಜಾನಪದ ಕಲೆ ಉಳಿಸಿ ಬೆಳೆಸುವ ಜವಾಬ್ದಾರಿ ಎಲ್ಲರದ್ದು ಎಂದರು.
